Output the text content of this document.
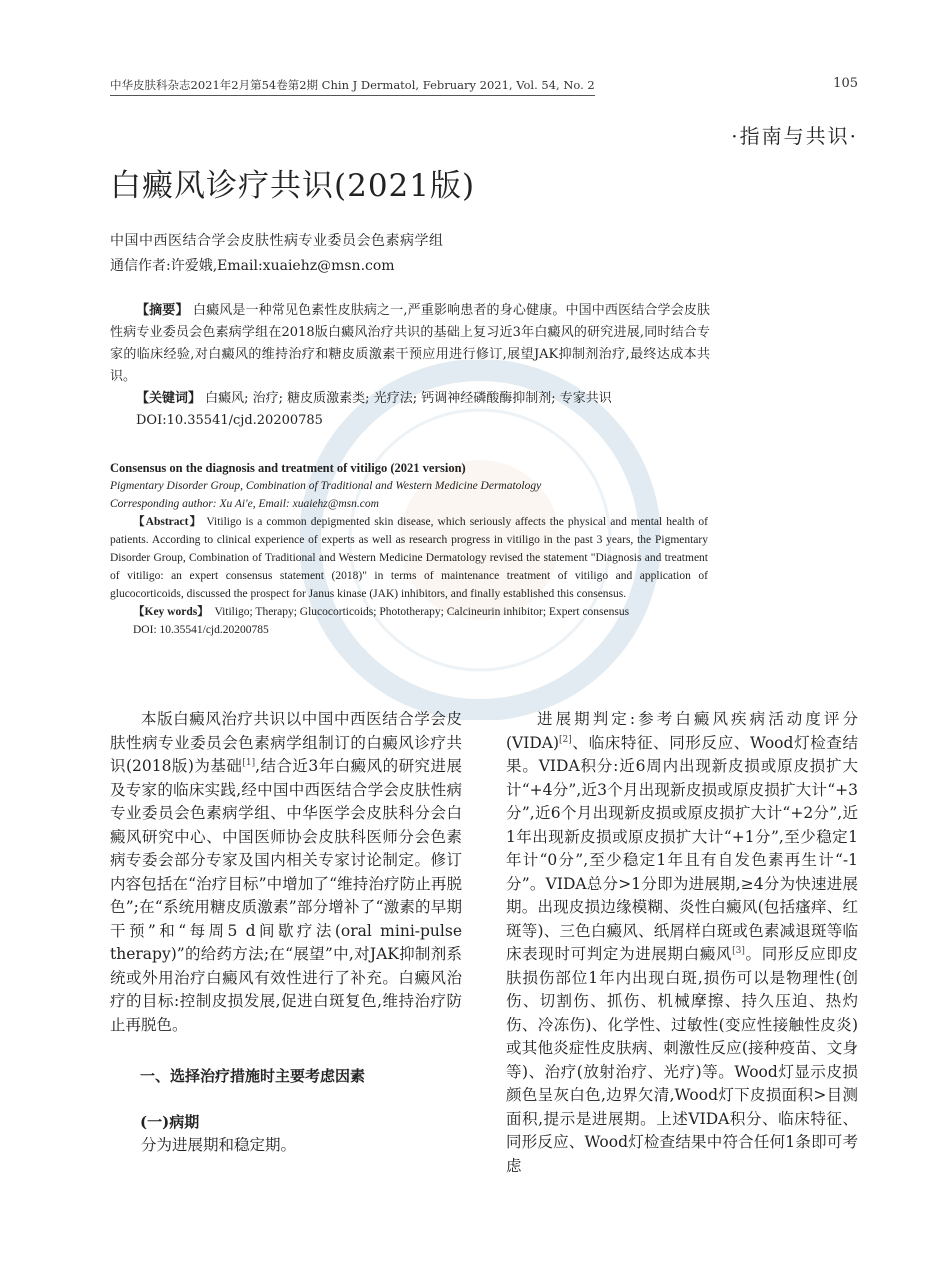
中华皮肤科杂志2021年2月第54卷第2期 Chin J Dermatol, February 2021, Vol. 54, No. 2	105
·指南与共识·
白癜风诊疗共识(2021版)
中国中西医结合学会皮肤性病专业委员会色素病学组
通信作者:许爱娥,Email:xuaiehz@msn.com

【摘要】 白癜风是一种常见色素性皮肤病之一,严重影响患者的身心健康。中国中西医结合学会皮肤性病专业委员会色素病学组在2018版白癜风治疗共识的基础上复习近3年白癜风的研究进展,同时结合专家的临床经验,对白癜风的维持治疗和糖皮质激素干预应用进行修订,展望JAK抑制剂治疗,最终达成本共识。

【关键词】 白癜风; 治疗; 糖皮质激素类; 光疗法; 钙调神经磷酸酶抑制剂; 专家共识

DOI:10.35541/cjd.20200785

Consensus on the diagnosis and treatment of vitiligo (2021 version)

Pigmentary Disorder Group, Combination of Traditional and Western Medicine Dermatology

Corresponding author: Xu Ai'e, Email: xuaiehz@msn.com

【Abstract】 Vitiligo is a common depigmented skin disease, which seriously affects the physical and mental health of patients. According to clinical experience of experts as well as research progress in vitiligo in the past 3 years, the Pigmentary Disorder Group, Combination of Traditional and Western Medicine Dermatology revised the statement "Diagnosis and treatment of vitiligo: an expert consensus statement (2018)" in terms of maintenance treatment of vitiligo and application of glucocorticoids, discussed the prospect for Janus kinase (JAK) inhibitors, and finally established this consensus.

【Key words】 Vitiligo; Therapy; Glucocorticoids; Phototherapy; Calcineurin inhibitor; Expert consensus

DOI: 10.35541/cjd.20200785

本版白癜风治疗共识以中国中西医结合学会皮肤性病专业委员会色素病学组制订的白癜风诊疗共识(2018版)为基础[1],结合近3年白癜风的研究进展及专家的临床实践,经中国中西医结合学会皮肤性病专业委员会色素病学组、中华医学会皮肤科分会白癜风研究中心、中国医师协会皮肤科医师分会色素病专委会部分专家及国内相关专家讨论制定。修订内容包括在“治疗目标”中增加了“维持治疗防止再脱色”;在“系统用糖皮质激素”部分增补了“激素的早期干预”和“每周5 d间歇疗法(oral mini-pulse therapy)”的给药方法;在“展望”中,对JAK抑制剂系统或外用治疗白癜风有效性进行了补充。白癜风治疗的目标:控制皮损发展,促进白斑复色,维持治疗防止再脱色。

一、选择治疗措施时主要考虑因素

(一)病期

分为进展期和稳定期。

进展期判定:参考白癜风疾病活动度评分(VIDA)[2]、临床特征、同形反应、Wood灯检查结果。VIDA积分:近6周内出现新皮损或原皮损扩大计“+4分”,近3个月出现新皮损或原皮损扩大计“+3分”,近6个月出现新皮损或原皮损扩大计“+2分”,近1年出现新皮损或原皮损扩大计“+1分”,至少稳定1年计“0分”,至少稳定1年且有自发色素再生计“-1分”。VIDA总分>1分即为进展期,≥4分为快速进展期。出现皮损边缘模糊、炎性白癜风(包括瘙痒、红斑等)、三色白癜风、纸屑样白斑或色素减退斑等临床表现时可判定为进展期白癜风[3]。同形反应即皮肤损伤部位1年内出现白斑,损伤可以是物理性(创伤、切割伤、抓伤、机械摩擦、持久压迫、热灼伤、冷冻伤)、化学性、过敏性(变应性接触性皮炎)或其他炎症性皮肤病、刺激性反应(接种疫苗、文身等)、治疗(放射治疗、光疗)等。Wood灯显示皮损颜色呈灰白色,边界欠清,Wood灯下皮损面积>目测面积,提示是进展期。上述VIDA积分、临床特征、同形反应、Wood灯检查结果中符合任何1条即可考虑
